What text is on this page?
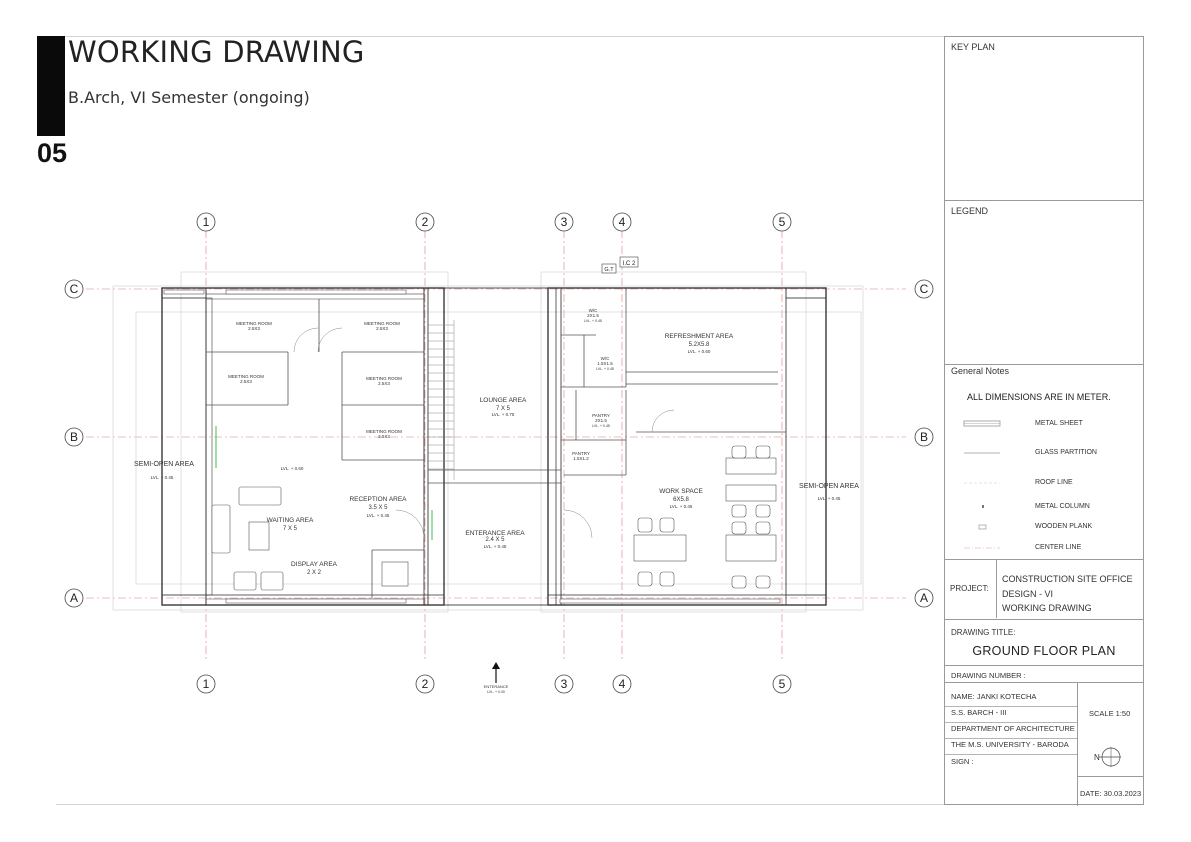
WORKING DRAWING
B.Arch, VI Semester (ongoing)
05
1	2	3	4	5
1	2	3	4	5
C
B
A
C
B
A
G.T
I.C 2
MEETING ROOM
2.5X3
MEETING ROOM
2.5X3
MEETING ROOM
2.5X3
MEETING ROOM
2.5X3
MEETING ROOM
2.5X3
SEMI-OPEN AREA
LVL. + 0.45
LVL. + 0.60
WAITING AREA
7 X 5
DISPLAY AREA
2 X 2
RECEPTION AREA
3.5 X 5
LVL. + 0.45
LOUNGE AREA
7 X 5
LVL. + 0.75
ENTERANCE AREA
2.4 X 5
LVL. + 0.45
W/C
2X1.5
LVL. + 0.45
W/C
1.5X1.5
LVL. + 0.45
REFRESHMENT AREA
5.2X5.8
LVL. + 0.60
PANTRY
2X1.5
LVL. + 0.45
PANTRY
1.5X1.2
WORK SPACE
6X5.8
LVL. + 0.45
SEMI-OPEN AREA
LVL. + 0.45
ENTERANCE
LVL. + 0.00
KEY PLAN
LEGEND
General Notes
ALL DIMENSIONS ARE IN METER.
METAL SHEET
GLASS PARTITION
ROOF LINE
METAL COLUMN
WOODEN PLANK
CENTER LINE
PROJECT:
CONSTRUCTION SITE OFFICE
DESIGN - VI
WORKING DRAWING
DRAWING TITLE:
GROUND FLOOR PLAN
DRAWING NUMBER :
NAME: JANKI KOTECHA
S.S. BARCH - III
DEPARTMENT OF ARCHITECTURE
THE M.S. UNIVERSITY - BARODA
SIGN :
SCALE 1:50
N
DATE: 30.03.2023
